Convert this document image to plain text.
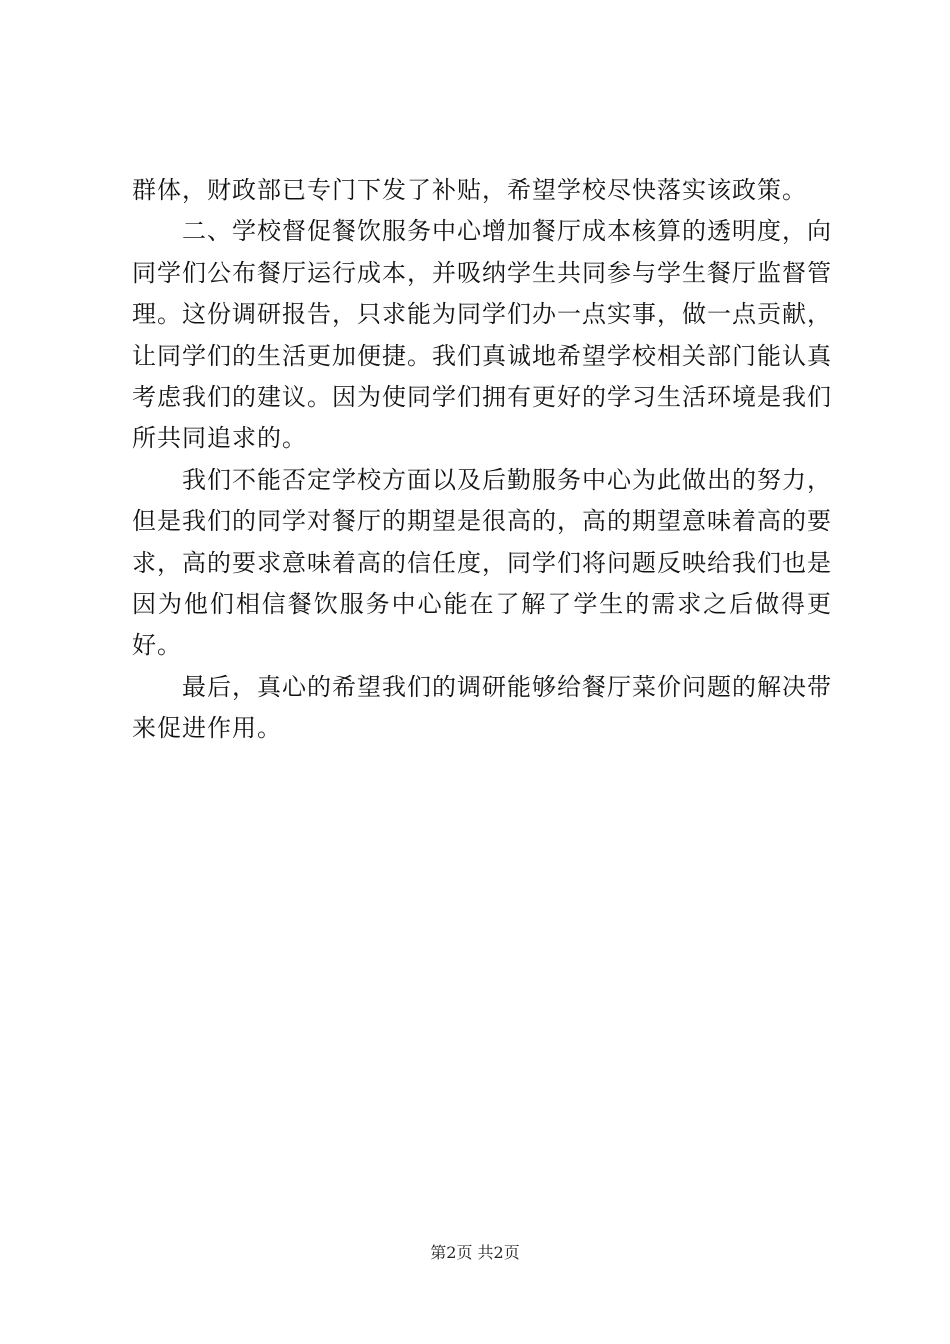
群体，财政部已专门下发了补贴，希望学校尽快落实该政策。

二、学校督促餐饮服务中心增加餐厅成本核算的透明度，向同学们公布餐厅运行成本，并吸纳学生共同参与学生餐厅监督管理。这份调研报告，只求能为同学们办一点实事，做一点贡献，让同学们的生活更加便捷。我们真诚地希望学校相关部门能认真考虑我们的建议。因为使同学们拥有更好的学习生活环境是我们所共同追求的。

我们不能否定学校方面以及后勤服务中心为此做出的努力，但是我们的同学对餐厅的期望是很高的，高的期望意味着高的要求，高的要求意味着高的信任度，同学们将问题反映给我们也是因为他们相信餐饮服务中心能在了解了学生的需求之后做得更好。

最后，真心的希望我们的调研能够给餐厅菜价问题的解决带来促进作用。

第2页 共2页
